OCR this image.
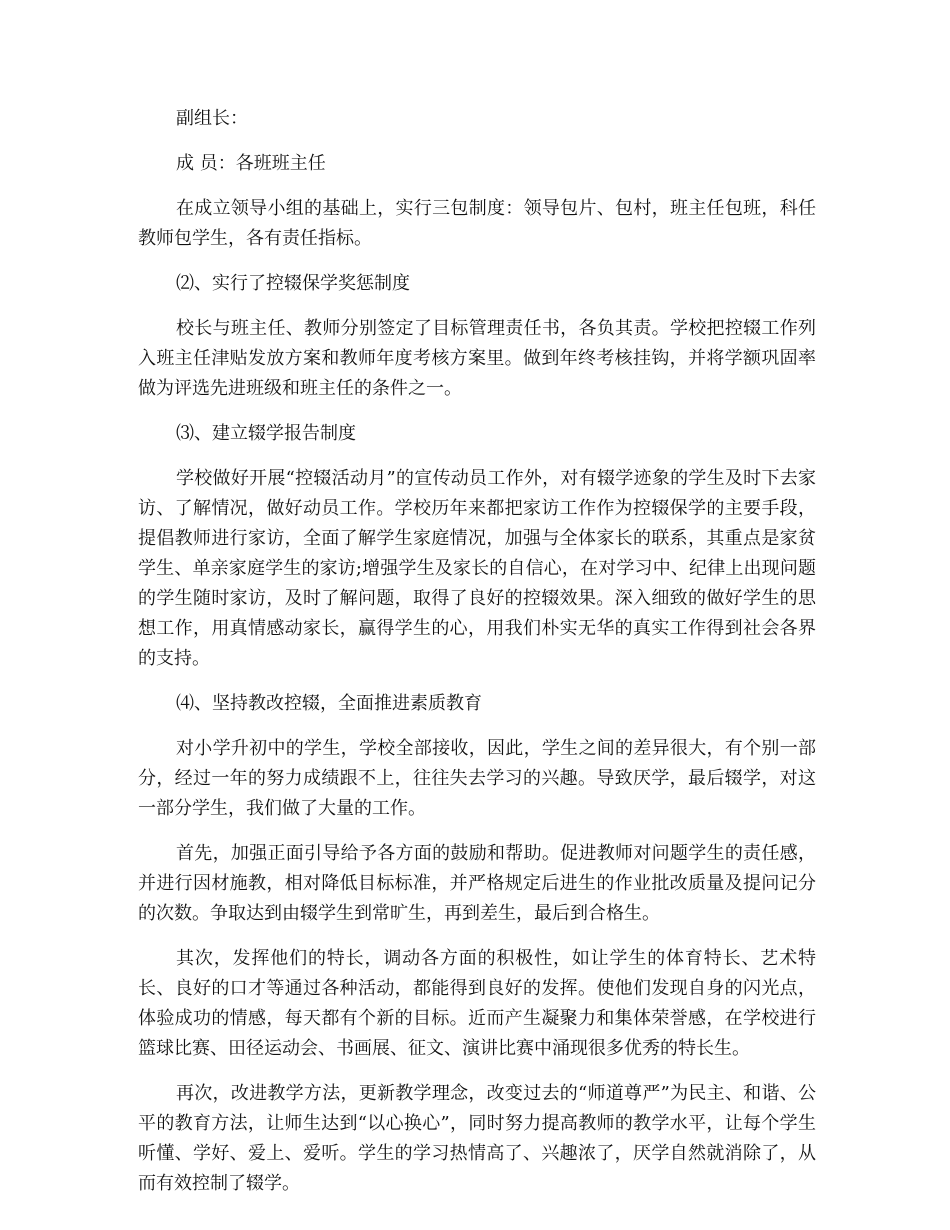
副组长：

成 员：各班班主任

在成立领导小组的基础上，实行三包制度：领导包片、包村，班主任包班，科任教师包学生，各有责任指标。

⑵、实行了控辍保学奖惩制度

校长与班主任、教师分别签定了目标管理责任书，各负其责。学校把控辍工作列入班主任津贴发放方案和教师年度考核方案里。做到年终考核挂钩，并将学额巩固率做为评选先进班级和班主任的条件之一。

⑶、建立辍学报告制度

学校做好开展“控辍活动月”的宣传动员工作外，对有辍学迹象的学生及时下去家访、了解情况，做好动员工作。学校历年来都把家访工作作为控辍保学的主要手段，提倡教师进行家访，全面了解学生家庭情况，加强与全体家长的联系，其重点是家贫学生、单亲家庭学生的家访;增强学生及家长的自信心，在对学习中、纪律上出现问题的学生随时家访，及时了解问题，取得了良好的控辍效果。深入细致的做好学生的思想工作，用真情感动家长，赢得学生的心，用我们朴实无华的真实工作得到社会各界的支持。

⑷、坚持教改控辍，全面推进素质教育

对小学升初中的学生，学校全部接收，因此，学生之间的差异很大，有个别一部分，经过一年的努力成绩跟不上，往往失去学习的兴趣。导致厌学，最后辍学，对这一部分学生，我们做了大量的工作。

首先，加强正面引导给予各方面的鼓励和帮助。促进教师对问题学生的责任感，并进行因材施教，相对降低目标标准，并严格规定后进生的作业批改质量及提问记分的次数。争取达到由辍学生到常旷生，再到差生，最后到合格生。

其次，发挥他们的特长，调动各方面的积极性，如让学生的体育特长、艺术特长、良好的口才等通过各种活动，都能得到良好的发挥。使他们发现自身的闪光点，体验成功的情感，每天都有个新的目标。近而产生凝聚力和集体荣誉感，在学校进行篮球比赛、田径运动会、书画展、征文、演讲比赛中涌现很多优秀的特长生。

再次，改进教学方法，更新教学理念，改变过去的“师道尊严”为民主、和谐、公平的教育方法，让师生达到“以心换心”，同时努力提高教师的教学水平，让每个学生听懂、学好、爱上、爱听。学生的学习热情高了、兴趣浓了，厌学自然就消除了，从而有效控制了辍学。
